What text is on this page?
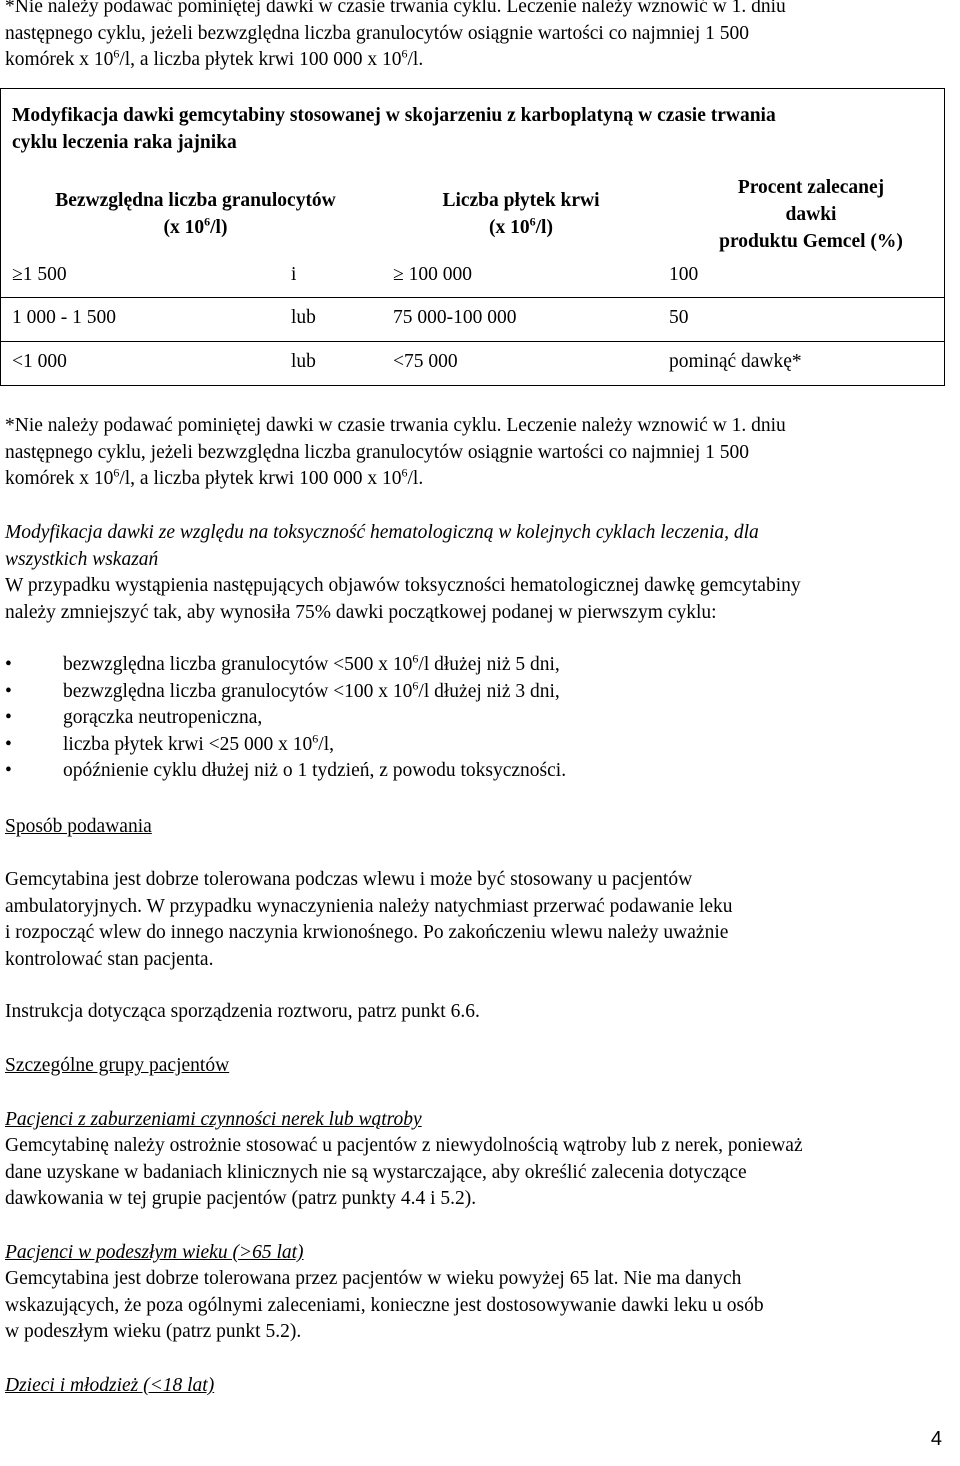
*Nie należy podawać pominiętej dawki w czasie trwania cyklu. Leczenie należy wznowić w 1. dniu
następnego cyklu, jeżeli bezwzględna liczba granulocytów osiągnie wartości co najmniej 1 500
komórek x $10^6/l$, a liczba płytek krwi 100 000 x $10^6/l$.
Modyfikacja dawki gemcytabiny stosowanej w skojarzeniu z karboplatyną w czasie trwania
cyklu leczenia raka jajnika
Bezwzględna liczba granulocytów
(x $10^6/l$)
Liczba płytek krwi
(x $10^6/l$)
Procent zalecanej
dawki
produktu Gemcel (%)
≥1 500	i	≥ 100 000	100
1 000 - 1 500	lub	75 000-100 000	50
<1 000	lub	<75 000	pominąć dawkę*
*Nie należy podawać pominiętej dawki w czasie trwania cyklu. Leczenie należy wznowić w 1. dniu
następnego cyklu, jeżeli bezwzględna liczba granulocytów osiągnie wartości co najmniej 1 500
komórek x $10^6/l$, a liczba płytek krwi 100 000 x $10^6/l$.
Modyfikacja dawki ze względu na toksyczność hematologiczną w kolejnych cyklach leczenia, dla
wszystkich wskazań
W przypadku wystąpienia następujących objawów toksyczności hematologicznej dawkę gemcytabiny
należy zmniejszyć tak, aby wynosiła 75% dawki początkowej podanej w pierwszym cyklu:
•	bezwzględna liczba granulocytów <500 x $10^6/l$ dłużej niż 5 dni,
•	bezwzględna liczba granulocytów <100 x $10^6/l$ dłużej niż 3 dni,
•	gorączka neutropeniczna,
•	liczba płytek krwi <25 000 x $10^6/l$,
•	opóźnienie cyklu dłużej niż o 1 tydzień, z powodu toksyczności.
Sposób podawania
Gemcytabina jest dobrze tolerowana podczas wlewu i może być stosowany u pacjentów
ambulatoryjnych. W przypadku wynaczynienia należy natychmiast przerwać podawanie leku
i rozpocząć wlew do innego naczynia krwionośnego. Po zakończeniu wlewu należy uważnie
kontrolować stan pacjenta.
Instrukcja dotycząca sporządzenia roztworu, patrz punkt 6.6.
Szczególne grupy pacjentów
Pacjenci z zaburzeniami czynności nerek lub wątroby
Gemcytabinę należy ostrożnie stosować u pacjentów z niewydolnością wątroby lub z nerek, ponieważ
dane uzyskane w badaniach klinicznych nie są wystarczające, aby określić zalecenia dotyczące
dawkowania w tej grupie pacjentów (patrz punkty 4.4 i 5.2).
Pacjenci w podeszłym wieku (>65 lat)
Gemcytabina jest dobrze tolerowana przez pacjentów w wieku powyżej 65 lat. Nie ma danych
wskazujących, że poza ogólnymi zaleceniami, konieczne jest dostosowywanie dawki leku u osób
w podeszłym wieku (patrz punkt 5.2).
Dzieci i młodzież (<18 lat)
4
